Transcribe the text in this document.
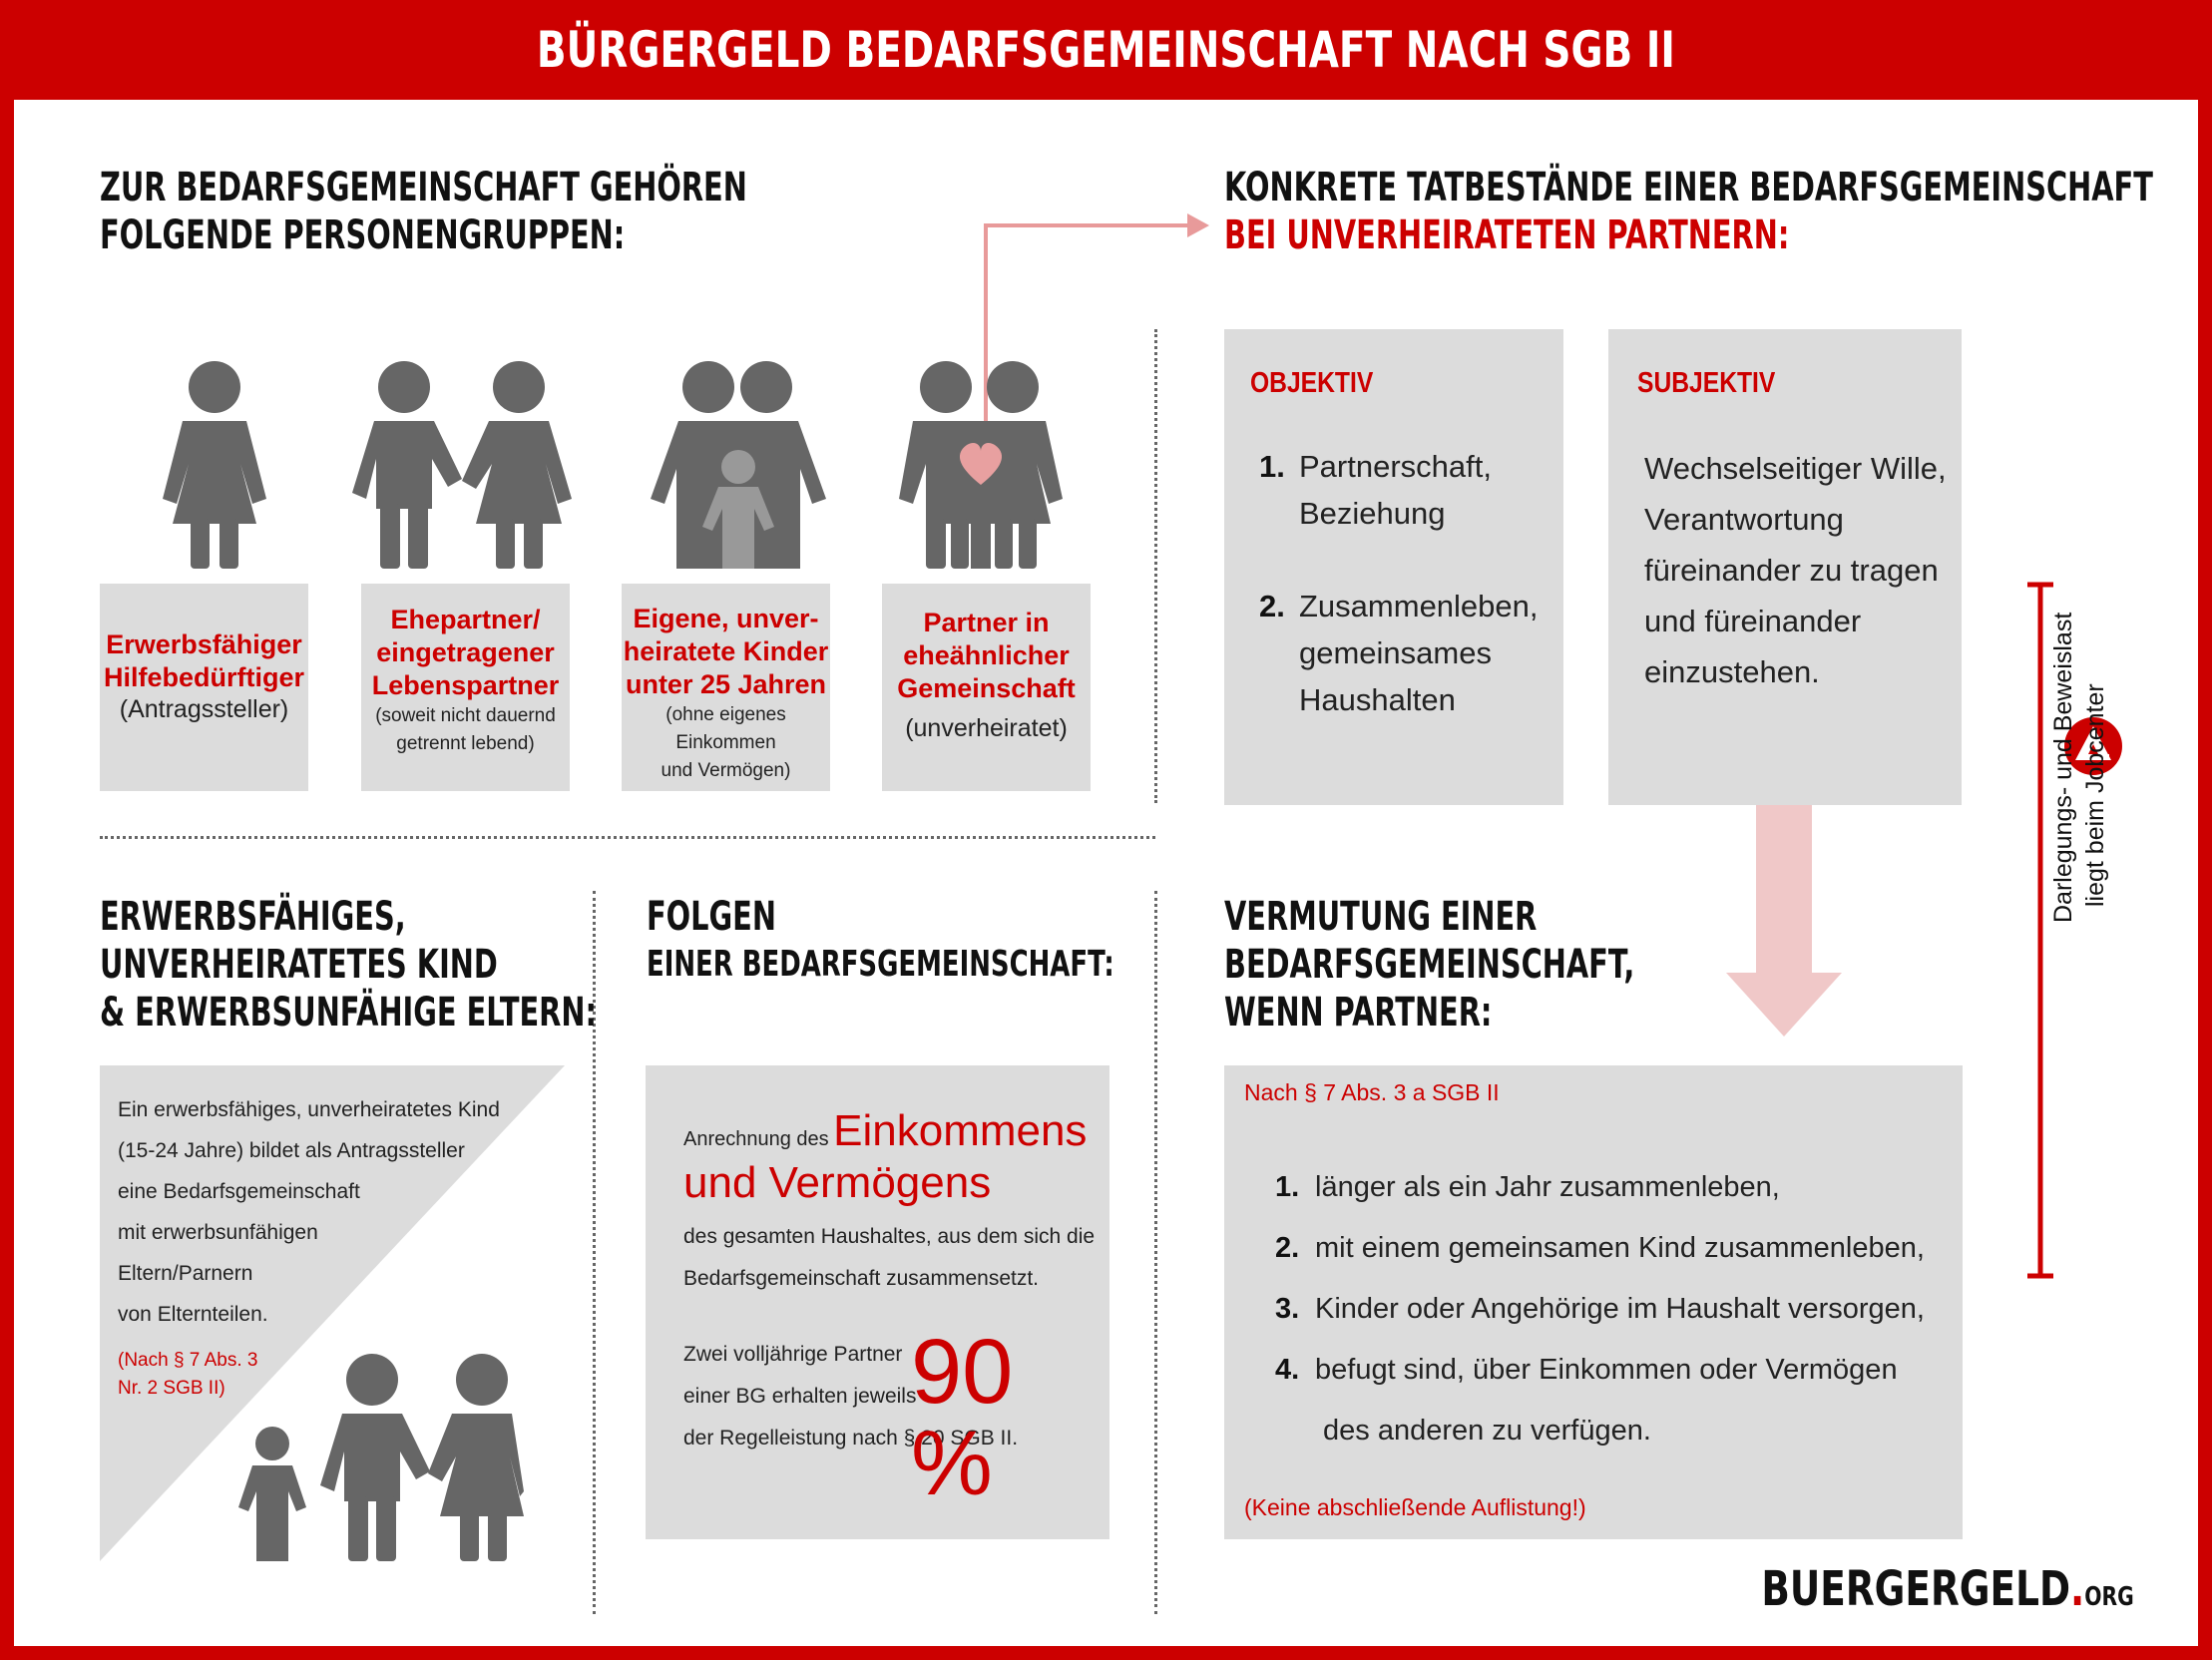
BÜRGERGELD BEDARFSGEMEINSCHAFT NACH SGB II
ZUR BEDARFSGEMEINSCHAFT GEHÖREN
FOLGENDE PERSONENGRUPPEN:
KONKRETE TATBESTÄNDE EINER BEDARFSGEMEINSCHAFT
BEI UNVERHEIRATETEN PARTNERN:
Erwerbsfähiger
Hilfebedürftiger
(Antragssteller)
Ehepartner/
eingetragener
Lebenspartner
(soweit nicht dauernd
getrennt lebend)
Eigene, unver-
heiratete Kinder
unter 25 Jahren
(ohne eigenes
Einkommen
und Vermögen)
Partner in
eheähnlicher
Gemeinschaft
(unverheiratet)
OBJEKTIV
1. Partnerschaft,
Beziehung
2. Zusammenleben,
gemeinsames
Haushalten
SUBJEKTIV
Wechselseitiger Wille,
Verantwortung
füreinander zu tragen
und füreinander
einzustehen.	Darlegungs- und Beweislast liegt beim Jobcenter
ERWERBSFÄHIGES,
UNVERHEIRATETES KIND
& ERWERBSUNFÄHIGE ELTERN:
Ein erwerbsfähiges, unverheiratetes Kind
(15-24 Jahre) bildet als Antragssteller
eine Bedarfsgemeinschaft
mit erwerbsunfähigen
Eltern/Parnern
von Elternteilen.
(Nach § 7 Abs. 3
Nr. 2 SGB II)
FOLGEN
EINER BEDARFSGEMEINSCHAFT:
Anrechnung des Einkommens
und Vermögens
des gesamten Haushaltes, aus dem sich die
Bedarfsgemeinschaft zusammensetzt.
Zwei volljährige Partner
einer BG erhalten jeweils
der Regelleistung nach § 20 SGB II.
90 %
VERMUTUNG EINER
BEDARFSGEMEINSCHAFT,
WENN PARTNER:
Nach § 7 Abs. 3 a SGB II
1. länger als ein Jahr zusammenleben,
2. mit einem gemeinsamen Kind zusammenleben,
3. Kinder oder Angehörige im Haushalt versorgen,
4. befugt sind, über Einkommen oder Vermögen
des anderen zu verfügen.
(Keine abschließende Auflistung!)
BUERGERGELD.ORG
